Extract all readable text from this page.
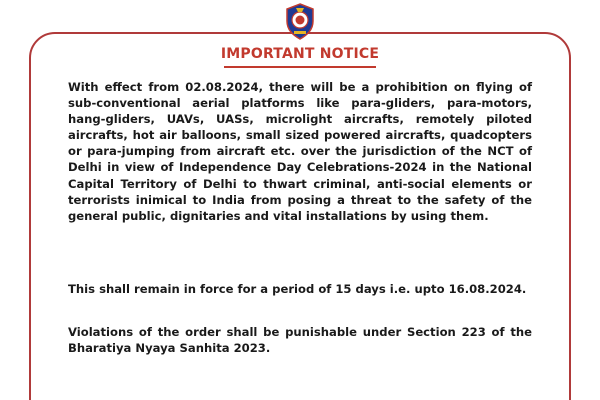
IMPORTANT NOTICE

With effect from 02.08.2024, there will be a prohibition on flying of sub-conventional aerial platforms like para-gliders, para-motors, hang-gliders, UAVs, UASs, microlight aircrafts, remotely piloted aircrafts, hot air balloons, small sized powered aircrafts, quadcopters or para-jumping from aircraft etc. over the jurisdiction of the NCT of Delhi in view of Independence Day Celebrations-2024 in the National Capital Territory of Delhi to thwart criminal, anti-social elements or terrorists inimical to India from posing a threat to the safety of the general public, dignitaries and vital installations by using them.

This shall remain in force for a period of 15 days i.e. upto 16.08.2024.

Violations of the order shall be punishable under Section 223 of the Bharatiya Nyaya Sanhita 2023.
